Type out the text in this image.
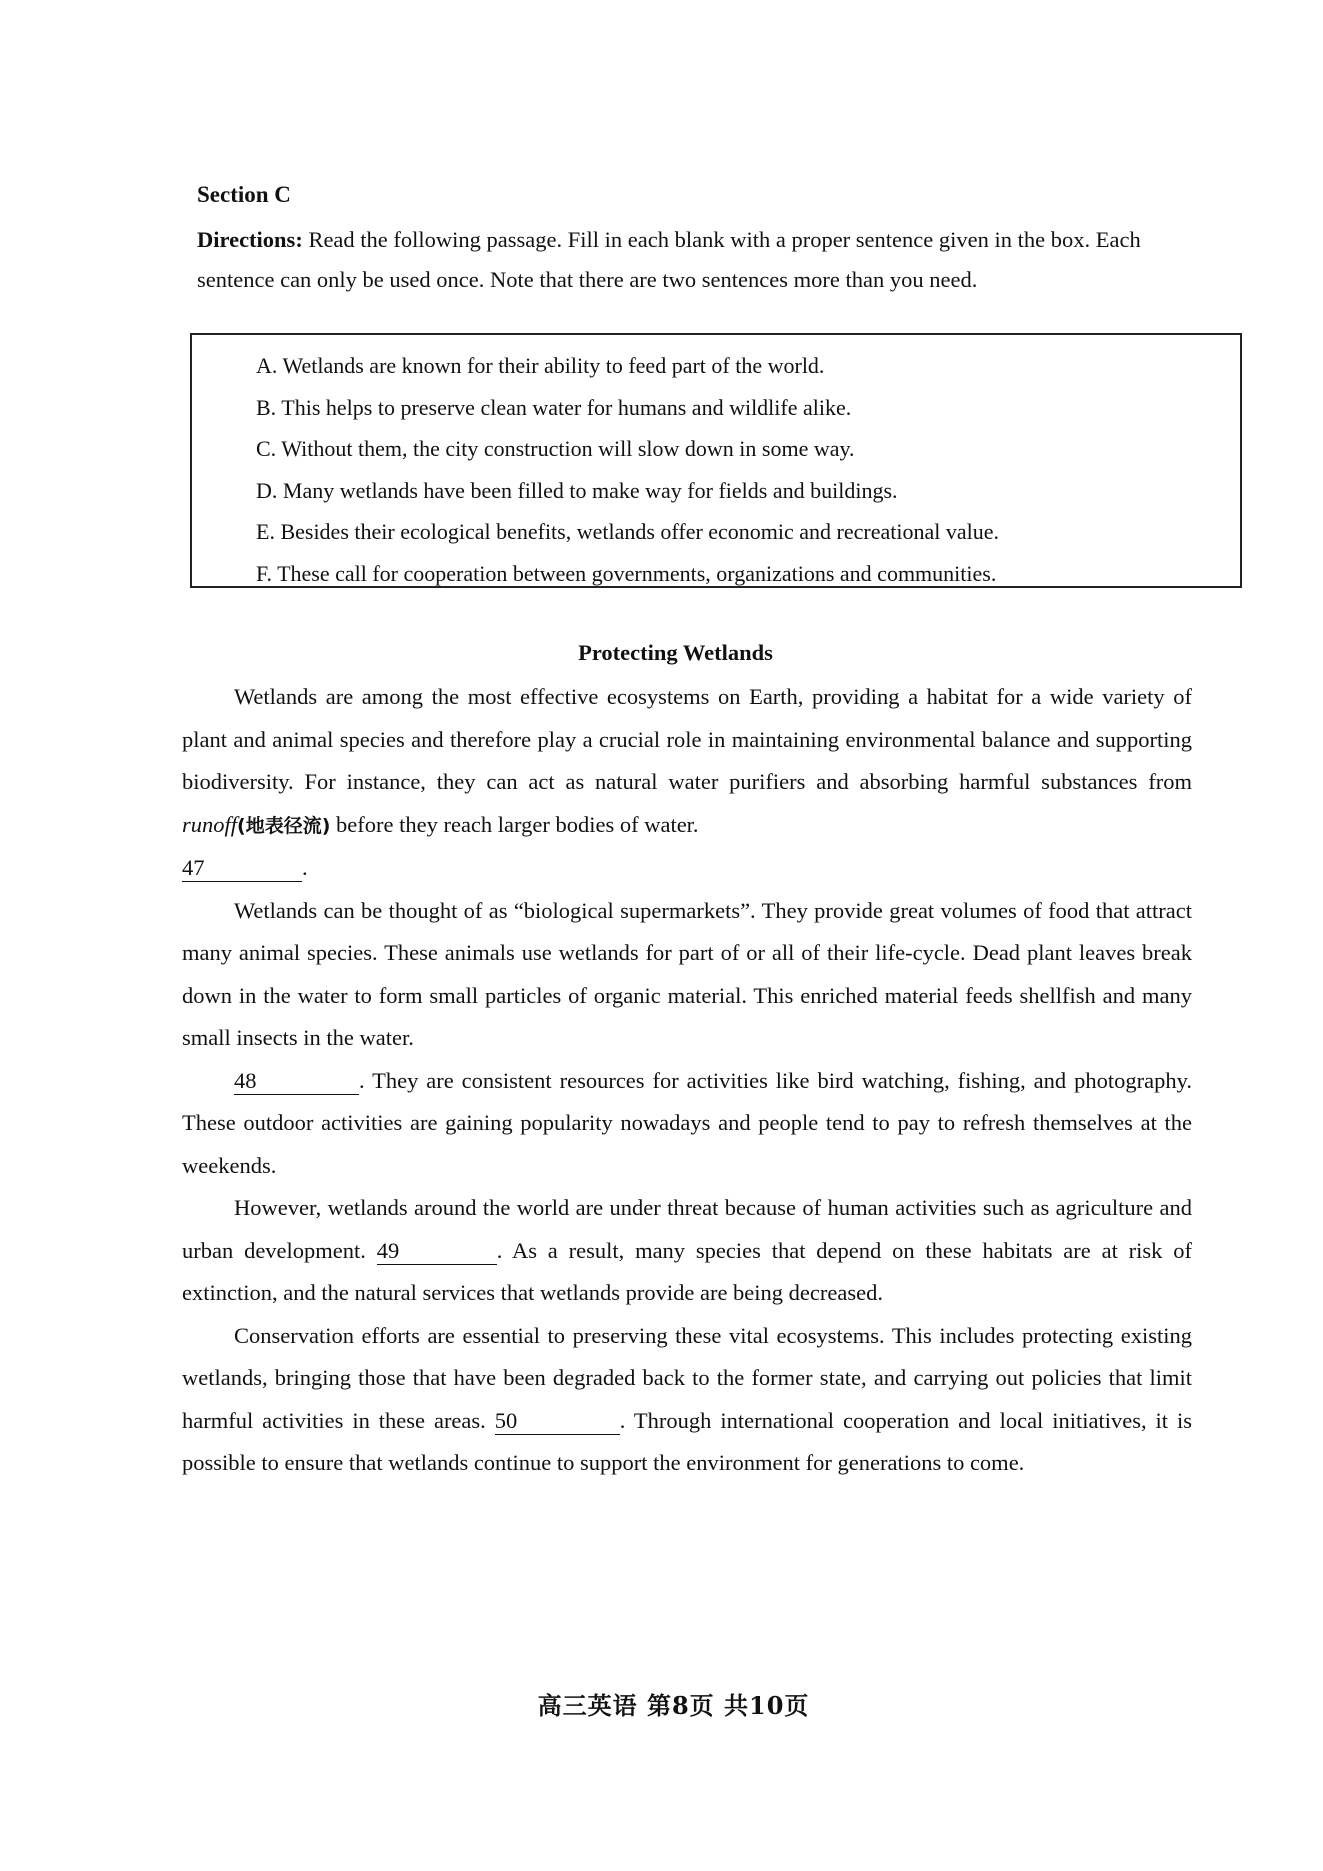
Section C
Directions: Read the following passage. Fill in each blank with a proper sentence given in the box. Each sentence can only be used once. Note that there are two sentences more than you need.
A. Wetlands are known for their ability to feed part of the world.
B. This helps to preserve clean water for humans and wildlife alike.
C. Without them, the city construction will slow down in some way.
D. Many wetlands have been filled to make way for fields and buildings.
E. Besides their ecological benefits, wetlands offer economic and recreational value.
F. These call for cooperation between governments, organizations and communities.
Protecting Wetlands

Wetlands are among the most effective ecosystems on Earth, providing a habitat for a wide variety of plant and animal species and therefore play a crucial role in maintaining environmental balance and supporting biodiversity. For instance, they can act as natural water purifiers and absorbing harmful substances from runoff(地表径流) before they reach larger bodies of water.

47	.

Wetlands can be thought of as “biological supermarkets”. They provide great volumes of food that attract many animal species. These animals use wetlands for part of or all of their life-cycle. Dead plant leaves break down in the water to form small particles of organic material. This enriched material feeds shellfish and many small insects in the water.

48	. They are consistent resources for activities like bird watching, fishing, and photography. These outdoor activities are gaining popularity nowadays and people tend to pay to refresh themselves at the weekends.

However, wetlands around the world are under threat because of human activities such as agriculture and urban development. 49	. As a result, many species that depend on these habitats are at risk of extinction, and the natural services that wetlands provide are being decreased.

Conservation efforts are essential to preserving these vital ecosystems. This includes protecting existing wetlands, bringing those that have been degraded back to the former state, and carrying out policies that limit harmful activities in these areas. 50	. Through international cooperation and local initiatives, it is possible to ensure that wetlands continue to support the environment for generations to come.

高三英语 第8页 共10页
